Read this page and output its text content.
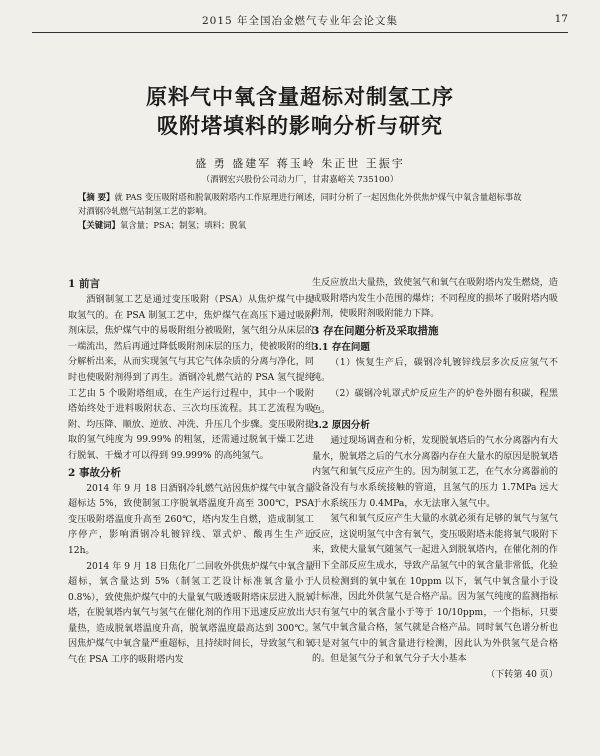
2015 年全国冶金燃气专业年会论文集	17
原料气中氧含量超标对制氢工序
吸附塔填料的影响分析与研究
盛 勇 盛建军 蒋玉岭 朱正世 王振宇
（酒钢宏兴股份公司动力厂，甘肃嘉峪关 735100）

【摘 要】就 PAS 变压吸附塔和脱氧吸附塔内工作原理进行阐述，同时分析了一起因焦化外供焦炉煤气中氧含量超标事故对酒钢冷轧燃气站制氢工艺的影响。

【关键词】氧含量；PSA；制氢；填料；脱氧

1 前言

酒钢制氢工艺是通过变压吸附（PSA）从焦炉煤气中提取氢气的。在 PSA 制氢工艺中，焦炉煤气在高压下通过吸附剂床层，焦炉煤气中的易吸附组分被吸附，氢气组分从床层的一端流出，然后再通过降低吸附剂床层的压力，使被吸附的组分解析出来，从而实现氢气与其它气体杂质的分离与净化，同时也使吸附剂得到了再生。酒钢冷轧燃气站的 PSA 氢气提纯工艺由 5 个吸附塔组成，在生产运行过程中，其中一个吸附塔始终处于进料吸附状态、三次均压流程。其工艺流程为吸附、均压降、顺放、逆放、冲洗、升压几个步骤。变压吸附提取的氢气纯度为 99.99% 的粗氢，还需通过脱氧干燥工艺进行脱氧、干燥才可以得到 99.999% 的高纯氢气。

2 事故分析

2014 年 9 月 18 日酒钢冷轧燃气站因焦炉煤气中氧含量超标达 5%，致使制氢工序脱氧塔温度升高至 300℃，PSA 变压吸附塔温度升高至 260℃，塔内发生自燃，造成制氢工序停产，影响酒钢冷轧镀锌线、罩式炉、酸再生生产近 12h。

2014 年 9 月 18 日焦化厂二回收外供焦炉煤气中氧含量超标，氧含量达到 5%（制氢工艺设计标准氧含量小于 0.8%），致使焦炉煤气中的大量氧气吸透吸附塔床层进入脱氧塔，在脱氧塔内氧气与氢气在催化剂的作用下迅速反应放出大量热，造成脱氧塔温度升高，脱氧塔温度最高达到 300℃。因焦炉煤气中氧含量严重超标，且持续时间长，导致氢气和氧气在 PSA 工序的吸附塔内发

生反应放出大量热，致使氢气和氧气在吸附塔内发生燃烧，造成吸附塔内发生小范围的爆炸；不同程度的损坏了吸附塔内吸附剂，使吸附剂吸附能力下降。

3 存在问题分析及采取措施
3.1 存在问题

（1）恢复生产后，碳钢冷轧镀锌线层多次反应氢气不纯。

（2）碳钢冷轧罩式炉反应生产的炉卷外圈有积碳，程黑色。

3.2 原因分析

通过现场调查和分析，发现脱氧塔后的气水分离器内有大量水，脱氧塔之后的气水分离器内存在大量水的原因是脱氧塔内氢气和氧气反应产生的。因为制氢工艺，在气水分离器前的设备没有与水系统接触的管道，且氢气的压力 1.7MPa 远大于水系统压力 0.4MPa，水无法窜入氢气中。

氢气和氧气反应产生大量的水就必须有足够的氧气与氢气反应，这说明氢气中含有氧气，变压吸附塔未能将氧气吸附下来，致使大量氧气随氢气一起进入到脱氧塔内，在催化剂的作用下全部反应生成水，导致产品氢气中的氧含量非常低，化验人员检测到的氧中氧在 10ppm 以下，氧气中氧含量小于设计标准，因此外供氢气是合格产品。因为氢气纯度的监测指标只有氢气中的氧含量小于等于 10/10ppm，一个指标，只要氢气中氧含量合格，氢气就是合格产品。同时氧气色谱分析也只是对氢气中的氧含量进行检测，因此认为外供氢气是合格的。但是氢气分子和氧气分子大小基本

（下转第 40 页）
